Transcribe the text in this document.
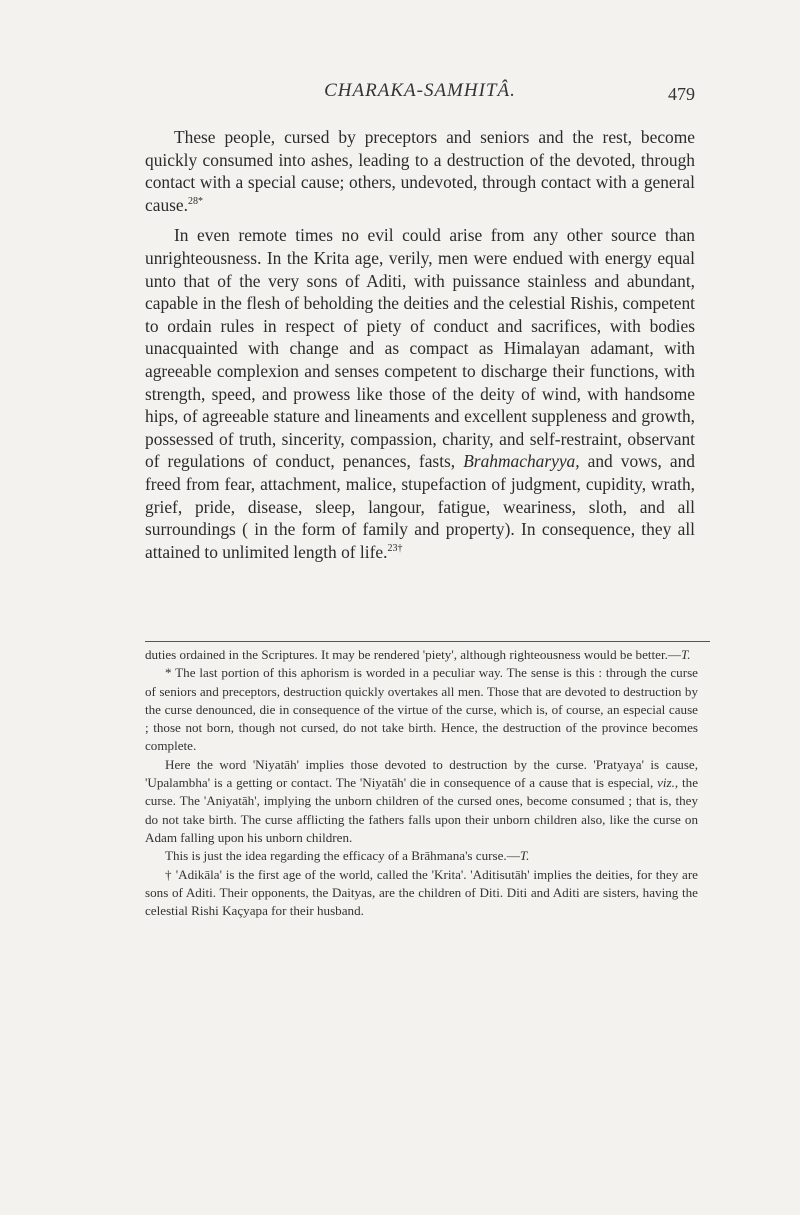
CHARAKA-SAMHITÂ.	479

These people, cursed by preceptors and seniors and the rest, become quickly consumed into ashes, leading to a destruction of the devoted, through contact with a special cause; others, undevoted, through contact with a general cause.$^{28*}$

In even remote times no evil could arise from any other source than unrighteousness. In the Krita age, verily, men were endued with energy equal unto that of the very sons of Aditi, with puissance stainless and abundant, capable in the flesh of beholding the deities and the celestial Rishis, competent to ordain rules in respect of piety of conduct and sacrifices, with bodies unacquainted with change and as compact as Himalayan adamant, with agreeable complexion and senses competent to discharge their functions, with strength, speed, and prowess like those of the deity of wind, with handsome hips, of agreeable stature and lineaments and excellent suppleness and growth, possessed of truth, sincerity, compassion, charity, and self-restraint, observant of regulations of conduct, penances, fasts, Brahmacharyya, and vows, and freed from fear, attachment, malice, stupefaction of judgment, cupidity, wrath, grief, pride, disease, sleep, langour, fatigue, weariness, sloth, and all surroundings ( in the form of family and property). In consequence, they all attained to unlimited length of life.$^{23\dagger}$

duties ordained in the Scriptures. It may be rendered 'piety', although righteousness would be better.—T.

* The last portion of this aphorism is worded in a peculiar way. The sense is this : through the curse of seniors and preceptors, destruction quickly overtakes all men. Those that are devoted to destruction by the curse denounced, die in consequence of the virtue of the curse, which is, of course, an especial cause ; those not born, though not cursed, do not take birth. Hence, the destruction of the province becomes complete.

Here the word 'Niyatāh' implies those devoted to destruction by the curse. 'Pratyaya' is cause, 'Upalambha' is a getting or contact. The 'Niyatāh' die in consequence of a cause that is especial, viz., the curse. The 'Aniyatāh', implying the unborn children of the cursed ones, become consumed ; that is, they do not take birth. The curse afflicting the fathers falls upon their unborn children also, like the curse on Adam falling upon his unborn children.

This is just the idea regarding the efficacy of a Brāhmana's curse.—T.

† 'Adikāla' is the first age of the world, called the 'Krita'. 'Aditisutāh' implies the deities, for they are sons of Aditi. Their opponents, the Daityas, are the children of Diti. Diti and Aditi are sisters, having the celestial Rishi Kaçyapa for their husband.
